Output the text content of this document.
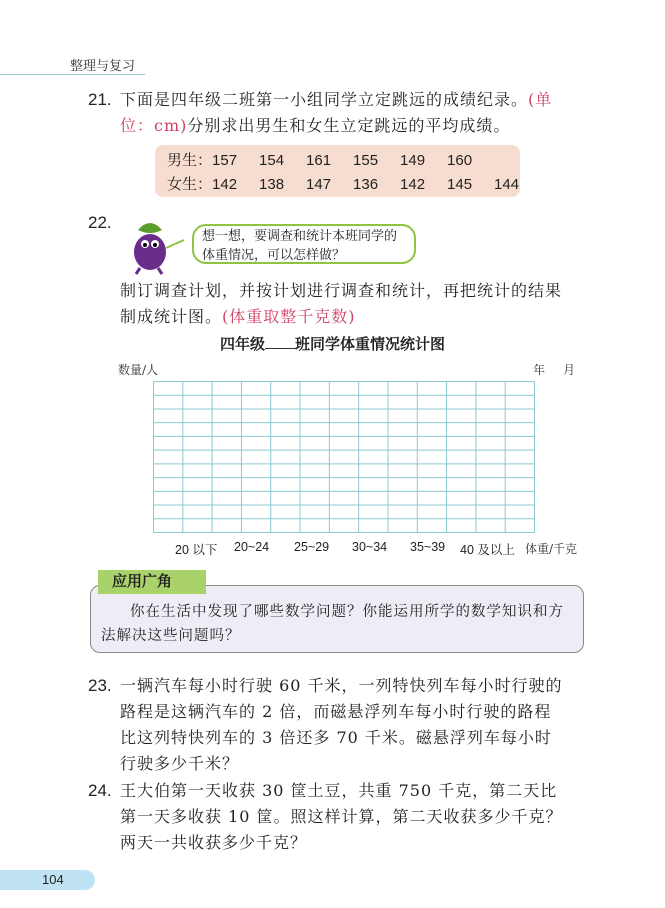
整理与复习
21. 下面是四年级二班第一小组同学立定跳远的成绩纪录。(单
位：cm)分别求出男生和女生立定跳远的平均成绩。
男生：157 154 161 155 149 160
女生：142 138 147 136 142 145 144
22.
想一想，要调查和统计本班同学的体重情况，可以怎样做？
制订调查计划，并按计划进行调查和统计，再把统计的结果
制成统计图。(体重取整千克数)
四年级 班同学体重情况统计图
数量/人	年 月
20 以下 20~24 25~29 30~34 35~39 40 及以上 体重/千克
你在生活中发现了哪些数学问题？你能运用所学的数学知识和方法解决这些问题吗？
应用广角
23. 一辆汽车每小时行驶 60 千米，一列特快列车每小时行驶的
路程是这辆汽车的 2 倍，而磁悬浮列车每小时行驶的路程
比这列特快列车的 3 倍还多 70 千米。磁悬浮列车每小时
行驶多少千米？
24. 王大伯第一天收获 30 筐土豆，共重 750 千克，第二天比
第一天多收获 10 筐。照这样计算，第二天收获多少千克？
两天一共收获多少千克？
104
